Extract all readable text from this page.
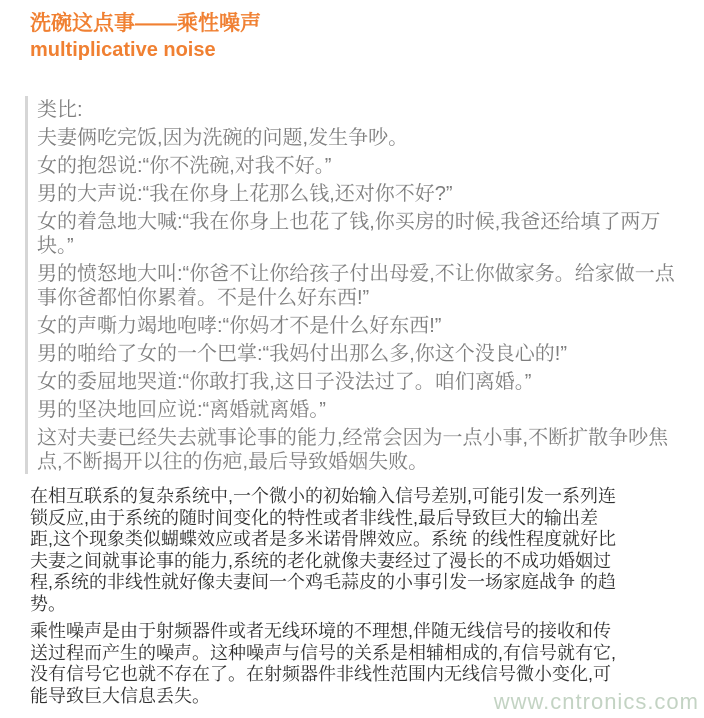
洗碗这点事——乘性噪声
multiplicative noise

类比:

夫妻俩吃完饭,因为洗碗的问题,发生争吵。

女的抱怨说:“你不洗碗,对我不好。”

男的大声说:“我在你身上花那么钱,还对你不好?”

女的着急地大喊:“我在你身上也花了钱,你买房的时候,我爸还给填了两万块。”

男的愤怒地大叫:“你爸不让你给孩子付出母爱,不让你做家务。给家做一点事你爸都怕你累着。不是什么好东西!”

女的声嘶力竭地咆哮:“你妈才不是什么好东西!”

男的啪给了女的一个巴掌:“我妈付出那么多,你这个没良心的!”

女的委屈地哭道:“你敢打我,这日子没法过了。咱们离婚。”

男的坚决地回应说:“离婚就离婚。”

这对夫妻已经失去就事论事的能力,经常会因为一点小事,不断扩散争吵焦点,不断揭开以往的伤疤,最后导致婚姻失败。

在相互联系的复杂系统中,一个微小的初始输入信号差别,可能引发一系列连锁反应,由于系统的随时间变化的特性或者非线性,最后导致巨大的输出差距,这个现象类似蝴蝶效应或者是多米诺骨牌效应。系统 的线性程度就好比夫妻之间就事论事的能力,系统的老化就像夫妻经过了漫长的不成功婚姻过程,系统的非线性就好像夫妻间一个鸡毛蒜皮的小事引发一场家庭战争 的趋势。

乘性噪声是由于射频器件或者无线环境的不理想,伴随无线信号的接收和传送过程而产生的噪声。这种噪声与信号的关系是相辅相成的,有信号就有它,没有信号它也就不存在了。在射频器件非线性范围内无线信号微小变化,可能导致巨大信息丢失。	www.cntronics.com
